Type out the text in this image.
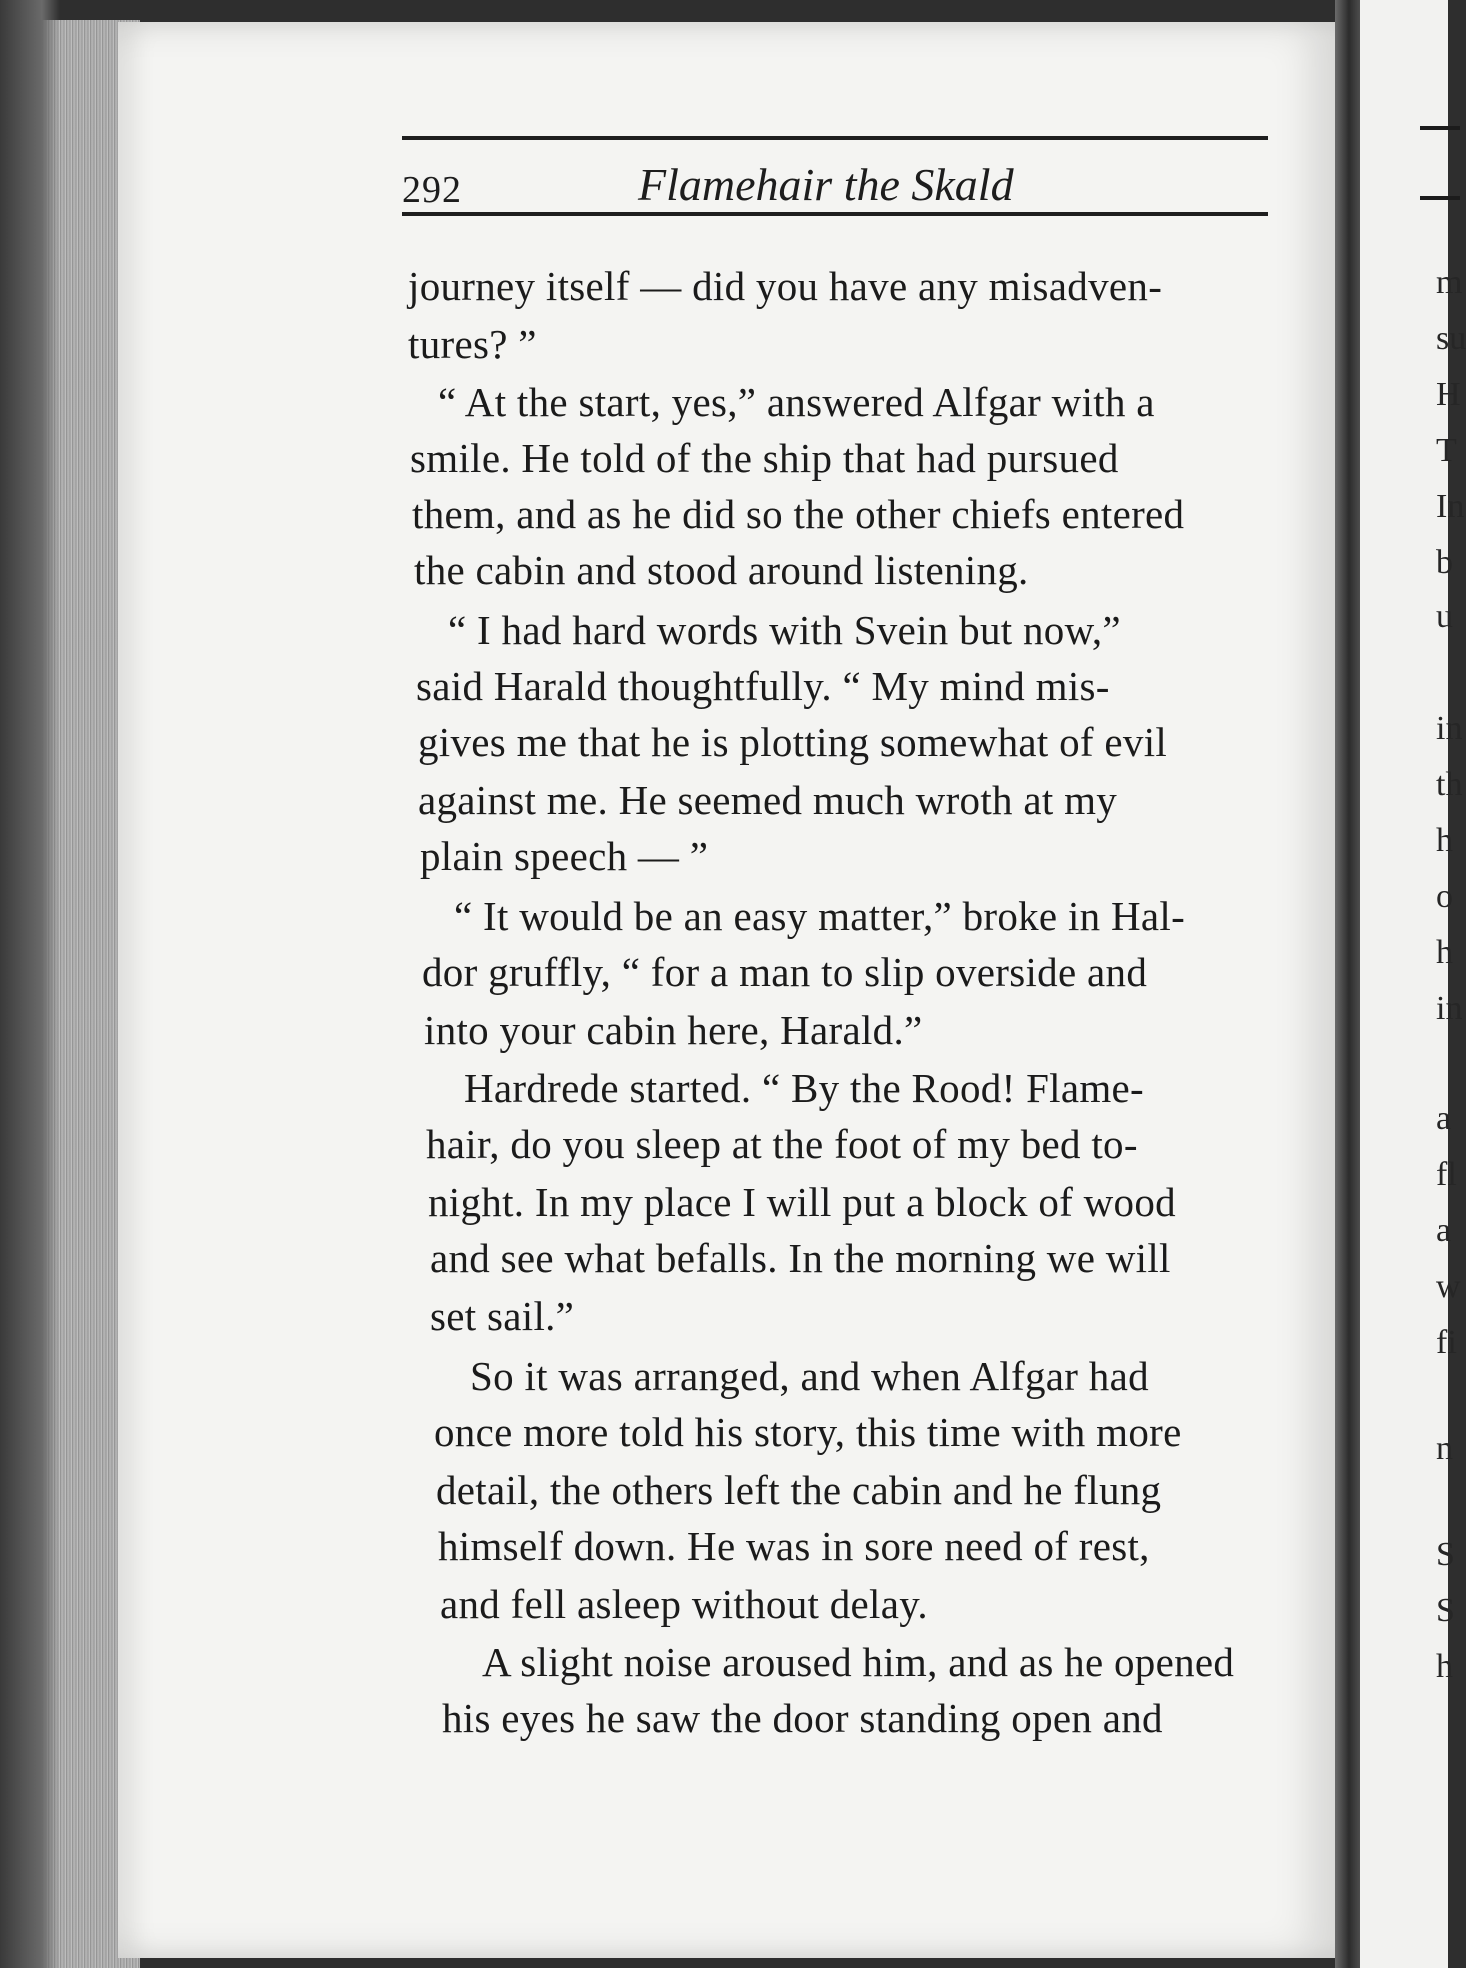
292	Flamehair the Skald
journey itself — did you have any misadven-
tures? ”
“ At the start, yes,” answered Alfgar with a
smile. He told of the ship that had pursued
them, and as he did so the other chiefs entered
the cabin and stood around listening.
“ I had hard words with Svein but now,”
said Harald thoughtfully. “ My mind mis-
gives me that he is plotting somewhat of evil
against me. He seemed much wroth at my
plain speech — ”
“ It would be an easy matter,” broke in Hal-
dor gruffly, “ for a man to slip overside and
into your cabin here, Harald.”
Hardrede started. “ By the Rood! Flame-
hair, do you sleep at the foot of my bed to-
night. In my place I will put a block of wood
and see what befalls. In the morning we will
set sail.”
So it was arranged, and when Alfgar had
once more told his story, this time with more
detail, the others left the cabin and he flung
himself down. He was in sore need of rest,
and fell asleep without delay.
A slight noise aroused him, and as he opened
his eyes he saw the door standing open and
m
su
H
T
In
b
u
in
th
h
o
h
in
a
fl
a
w
fi
n
S
S
h
